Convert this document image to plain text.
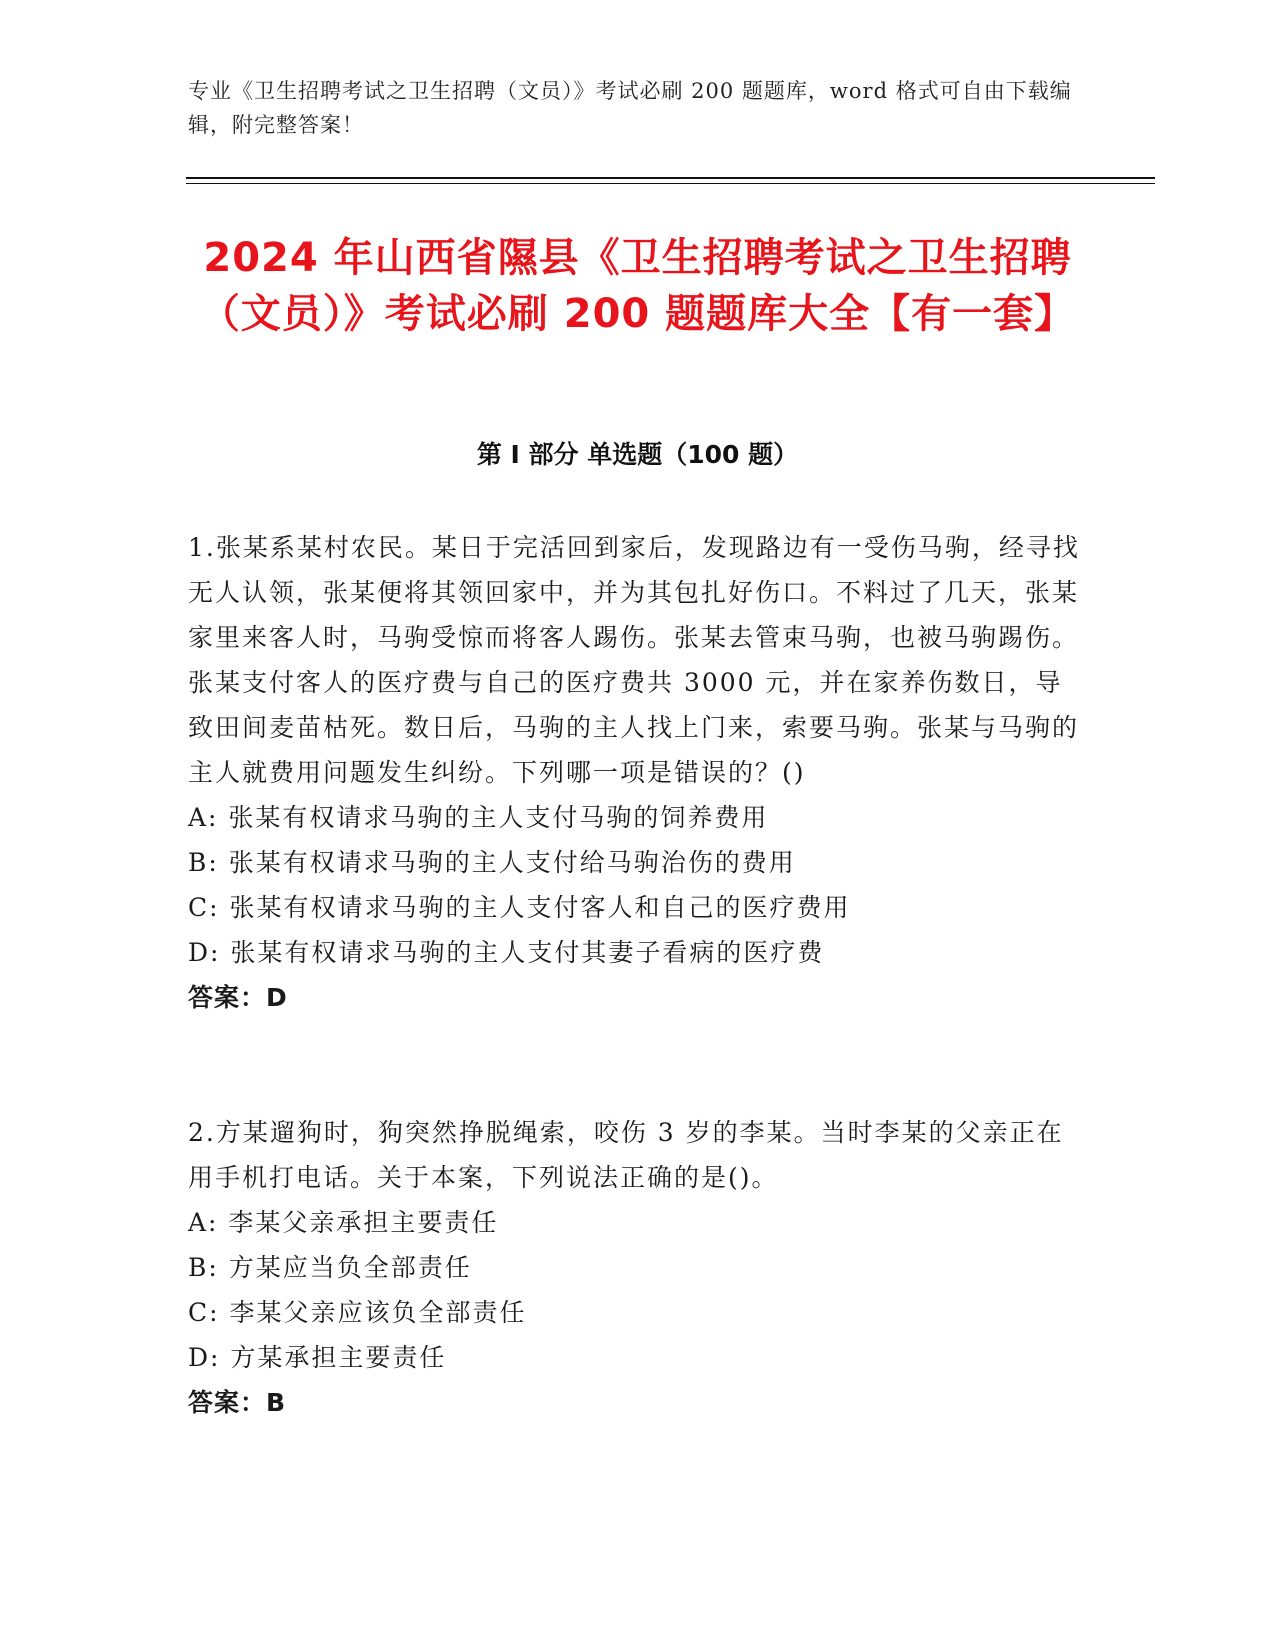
专业《卫生招聘考试之卫生招聘（文员）》考试必刷 200 题题库，word 格式可自由下载编辑，附完整答案！
2024 年山西省隰县《卫生招聘考试之卫生招聘（文员）》考试必刷 200 题题库大全【有一套】
第 I 部分 单选题（100 题）

1.张某系某村农民。某日于完活回到家后，发现路边有一受伤马驹，经寻找无人认领，张某便将其领回家中，并为其包扎好伤口。不料过了几天，张某家里来客人时，马驹受惊而将客人踢伤。张某去管束马驹，也被马驹踢伤。张某支付客人的医疗费与自己的医疗费共 3000 元，并在家养伤数日，导致田间麦苗枯死。数日后，马驹的主人找上门来，索要马驹。张某与马驹的主人就费用问题发生纠纷。下列哪一项是错误的？()

A: 张某有权请求马驹的主人支付马驹的饲养费用

B: 张某有权请求马驹的主人支付给马驹治伤的费用

C: 张某有权请求马驹的主人支付客人和自己的医疗费用

D: 张某有权请求马驹的主人支付其妻子看病的医疗费

答案：D

2.方某遛狗时，狗突然挣脱绳索，咬伤 3 岁的李某。当时李某的父亲正在用手机打电话。关于本案，下列说法正确的是()。

A: 李某父亲承担主要责任

B: 方某应当负全部责任

C: 李某父亲应该负全部责任

D: 方某承担主要责任

答案：B
